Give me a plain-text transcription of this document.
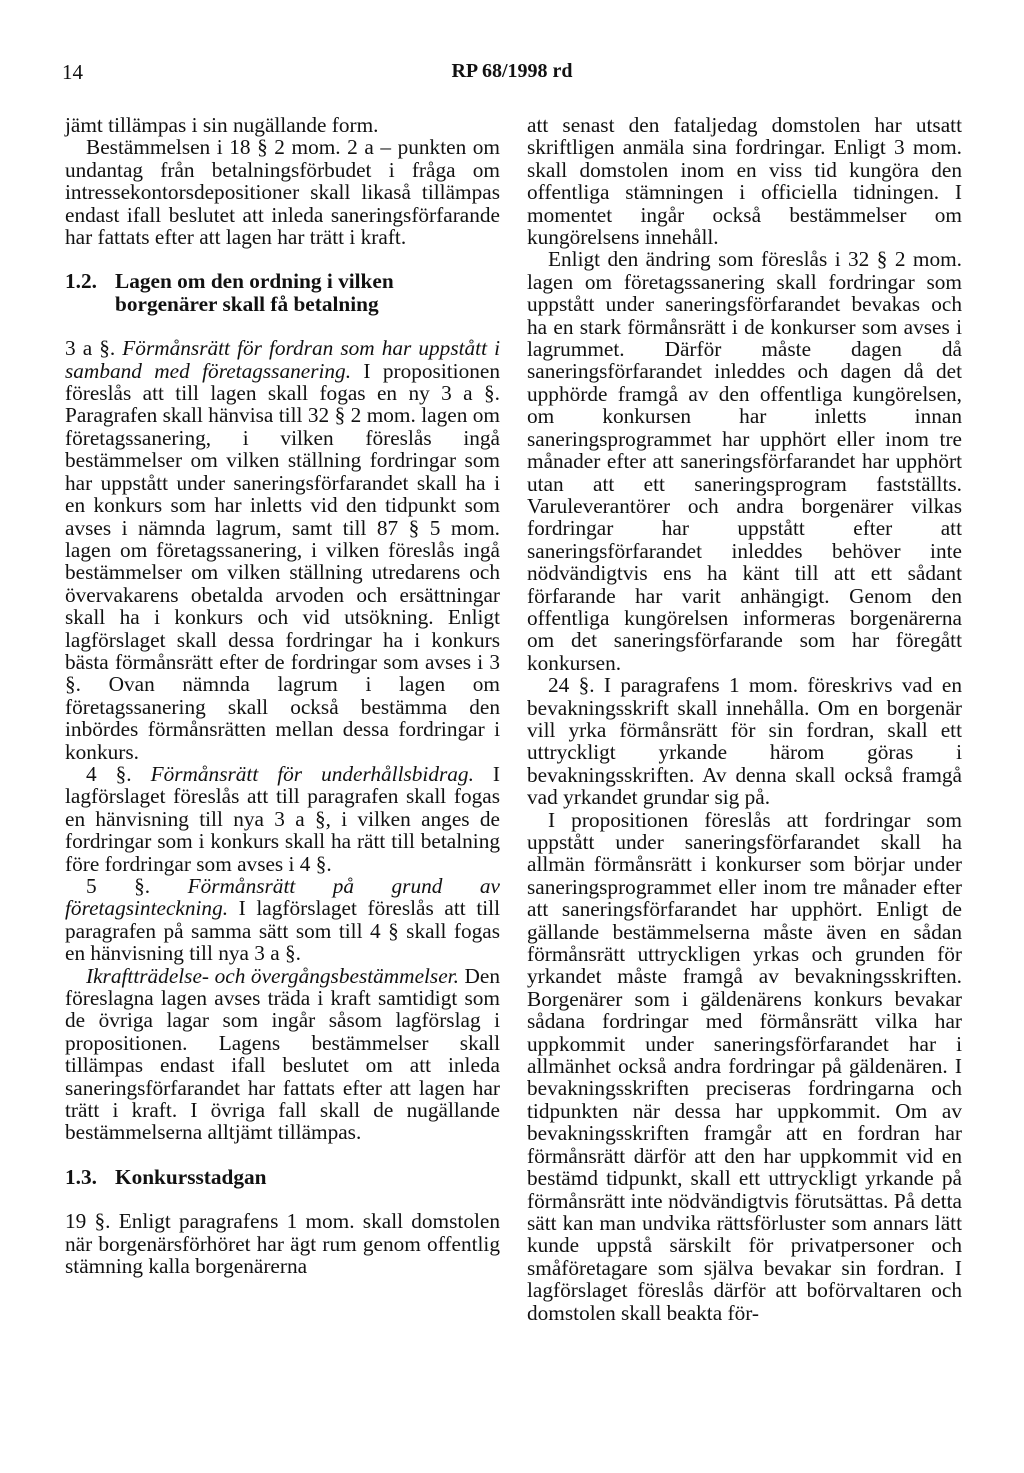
14	RP 68/1998 rd

jämt tillämpas i sin nugällande form.

Bestämmelsen i 18 § 2 mom. 2 a – punkten om undantag från betalningsförbudet i fråga om intressekontorsdepositioner skall likaså tillämpas endast ifall beslutet att inleda saneringsförfarande har fattats efter att lagen har trätt i kraft.

1.2. Lagen om den ordning i vilken borgenärer skall få betalning

3 a §. Förmånsrätt för fordran som har uppstått i samband med företagssanering. I propositionen föreslås att till lagen skall fogas en ny 3 a §. Paragrafen skall hänvisa till 32 § 2 mom. lagen om företagssanering, i vilken föreslås ingå bestämmelser om vilken ställning fordringar som har uppstått under saneringsförfarandet skall ha i en konkurs som har inletts vid den tidpunkt som avses i nämnda lagrum, samt till 87 § 5 mom. lagen om företagssanering, i vilken föreslås ingå bestämmelser om vilken ställning utredarens och övervakarens obetalda arvoden och ersättningar skall ha i konkurs och vid utsökning. Enligt lagförslaget skall dessa fordringar ha i konkurs bästa förmånsrätt efter de fordringar som avses i 3 §. Ovan nämnda lagrum i lagen om företagssanering skall också bestämma den inbördes förmånsrätten mellan dessa fordringar i konkurs.

4 §. Förmånsrätt för underhållsbidrag. I lagförslaget föreslås att till paragrafen skall fogas en hänvisning till nya 3 a §, i vilken anges de fordringar som i konkurs skall ha rätt till betalning före fordringar som avses i 4 §.

5 §. Förmånsrätt på grund av företagsinteckning. I lagförslaget föreslås att till paragrafen på samma sätt som till 4 § skall fogas en hänvisning till nya 3 a §.

Ikraftträdelse- och övergångsbestämmelser. Den föreslagna lagen avses träda i kraft samtidigt som de övriga lagar som ingår såsom lagförslag i propositionen. Lagens bestämmelser skall tillämpas endast ifall beslutet om att inleda saneringsförfarandet har fattats efter att lagen har trätt i kraft. I övriga fall skall de nugällande bestämmelserna alltjämt tillämpas.

1.3. Konkursstadgan

19 §. Enligt paragrafens 1 mom. skall domstolen när borgenärsförhöret har ägt rum genom offentlig stämning kalla borgenärerna

att senast den fataljedag domstolen har utsatt skriftligen anmäla sina fordringar. Enligt 3 mom. skall domstolen inom en viss tid kungöra den offentliga stämningen i officiella tidningen. I momentet ingår också bestämmelser om kungörelsens innehåll.

Enligt den ändring som föreslås i 32 § 2 mom. lagen om företagssanering skall fordringar som uppstått under saneringsförfarandet bevakas och ha en stark förmånsrätt i de konkurser som avses i lagrummet. Därför måste dagen då saneringsförfarandet inleddes och dagen då det upphörde framgå av den offentliga kungörelsen, om konkursen har inletts innan saneringsprogrammet har upphört eller inom tre månader efter att saneringsförfarandet har upphört utan att ett saneringsprogram fastställts. Varuleverantörer och andra borgenärer vilkas fordringar har uppstått efter att saneringsförfarandet inleddes behöver inte nödvändigtvis ens ha känt till att ett sådant förfarande har varit anhängigt. Genom den offentliga kungörelsen informeras borgenärerna om det saneringsförfarande som har föregått konkursen.

24 §. I paragrafens 1 mom. föreskrivs vad en bevakningsskrift skall innehålla. Om en borgenär vill yrka förmånsrätt för sin fordran, skall ett uttryckligt yrkande härom göras i bevakningsskriften. Av denna skall också framgå vad yrkandet grundar sig på.

I propositionen föreslås att fordringar som uppstått under saneringsförfarandet skall ha allmän förmånsrätt i konkurser som börjar under saneringsprogrammet eller inom tre månader efter att saneringsförfarandet har upphört. Enligt de gällande bestämmelserna måste även en sådan förmånsrätt uttryckligen yrkas och grunden för yrkandet måste framgå av bevakningsskriften. Borgenärer som i gäldenärens konkurs bevakar sådana fordringar med förmånsrätt vilka har uppkommit under saneringsförfarandet har i allmänhet också andra fordringar på gäldenären. I bevakningsskriften preciseras fordringarna och tidpunkten när dessa har uppkommit. Om av bevakningsskriften framgår att en fordran har förmånsrätt därför att den har uppkommit vid en bestämd tidpunkt, skall ett uttryckligt yrkande på förmånsrätt inte nödvändigtvis förutsättas. På detta sätt kan man undvika rättsförluster som annars lätt kunde uppstå särskilt för privatpersoner och småföretagare som själva bevakar sin fordran. I lagförslaget föreslås därför att boförvaltaren och domstolen skall beakta för-
